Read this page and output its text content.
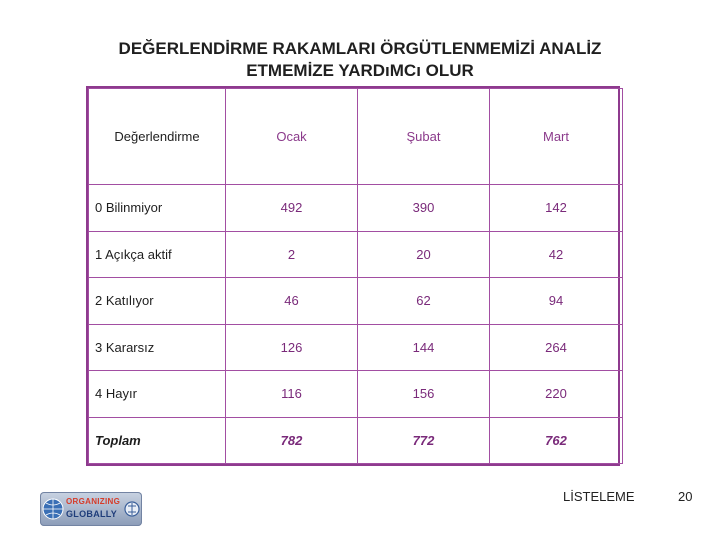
DEĞERLENDİRME RAKAMLARI ÖRGÜTLENMEMİZİ ANALİZ
ETMEMİZE YARDıMCı OLUR
Değerlendirme	Ocak	Şubat	Mart
0 Bilinmiyor	492	390	142
1 Açıkça aktif	2	20	42
2 Katılıyor	46	62	94
3 Kararsız	126	144	264
4 Hayır	116	156	220
Toplam	782	772	762
ORGANIZING
GLOBALLY
LİSTELEME	20
